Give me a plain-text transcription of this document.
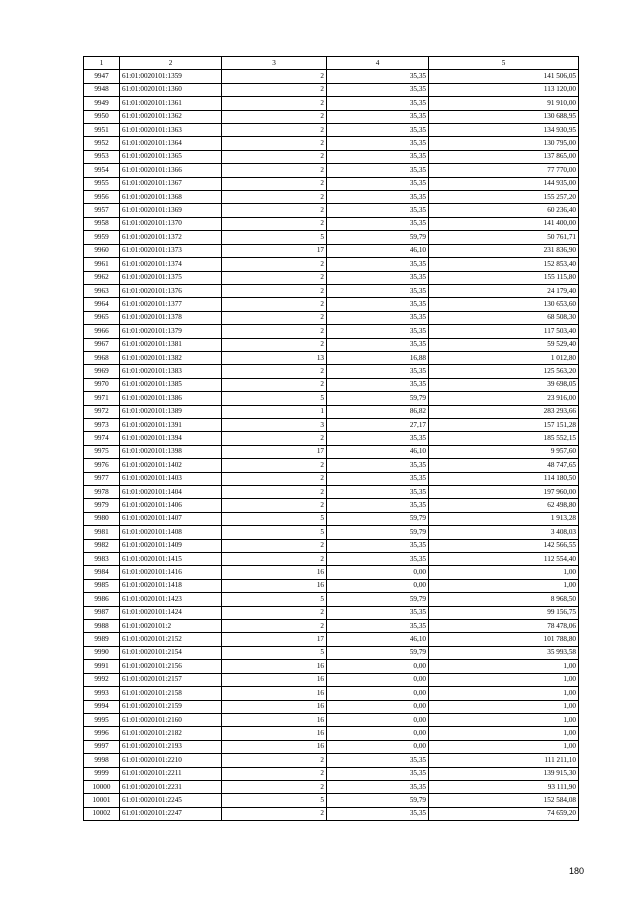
1	2	3	4	5
9947	61:01:0020101:1359	2	35,35	141 506,05
9948	61:01:0020101:1360	2	35,35	113 120,00
9949	61:01:0020101:1361	2	35,35	91 910,00
9950	61:01:0020101:1362	2	35,35	130 688,95
9951	61:01:0020101:1363	2	35,35	134 930,95
9952	61:01:0020101:1364	2	35,35	130 795,00
9953	61:01:0020101:1365	2	35,35	137 865,00
9954	61:01:0020101:1366	2	35,35	77 770,00
9955	61:01:0020101:1367	2	35,35	144 935,00
9956	61:01:0020101:1368	2	35,35	155 257,20
9957	61:01:0020101:1369	2	35,35	60 236,40
9958	61:01:0020101:1370	2	35,35	141 400,00
9959	61:01:0020101:1372	5	59,79	50 761,71
9960	61:01:0020101:1373	17	46,10	231 836,90
9961	61:01:0020101:1374	2	35,35	152 853,40
9962	61:01:0020101:1375	2	35,35	155 115,80
9963	61:01:0020101:1376	2	35,35	24 179,40
9964	61:01:0020101:1377	2	35,35	130 653,60
9965	61:01:0020101:1378	2	35,35	68 508,30
9966	61:01:0020101:1379	2	35,35	117 503,40
9967	61:01:0020101:1381	2	35,35	59 529,40
9968	61:01:0020101:1382	13	16,88	1 012,80
9969	61:01:0020101:1383	2	35,35	125 563,20
9970	61:01:0020101:1385	2	35,35	39 698,05
9971	61:01:0020101:1386	5	59,79	23 916,00
9972	61:01:0020101:1389	1	86,82	283 293,66
9973	61:01:0020101:1391	3	27,17	157 151,28
9974	61:01:0020101:1394	2	35,35	185 552,15
9975	61:01:0020101:1398	17	46,10	9 957,60
9976	61:01:0020101:1402	2	35,35	48 747,65
9977	61:01:0020101:1403	2	35,35	114 180,50
9978	61:01:0020101:1404	2	35,35	197 960,00
9979	61:01:0020101:1406	2	35,35	62 498,80
9980	61:01:0020101:1407	5	59,79	1 913,28
9981	61:01:0020101:1408	5	59,79	3 408,03
9982	61:01:0020101:1409	2	35,35	142 566,55
9983	61:01:0020101:1415	2	35,35	112 554,40
9984	61:01:0020101:1416	16	0,00	1,00
9985	61:01:0020101:1418	16	0,00	1,00
9986	61:01:0020101:1423	5	59,79	8 968,50
9987	61:01:0020101:1424	2	35,35	99 156,75
9988	61:01:0020101:2	2	35,35	78 478,06
9989	61:01:0020101:2152	17	46,10	101 788,80
9990	61:01:0020101:2154	5	59,79	35 993,58
9991	61:01:0020101:2156	16	0,00	1,00
9992	61:01:0020101:2157	16	0,00	1,00
9993	61:01:0020101:2158	16	0,00	1,00
9994	61:01:0020101:2159	16	0,00	1,00
9995	61:01:0020101:2160	16	0,00	1,00
9996	61:01:0020101:2182	16	0,00	1,00
9997	61:01:0020101:2193	16	0,00	1,00
9998	61:01:0020101:2210	2	35,35	111 211,10
9999	61:01:0020101:2211	2	35,35	139 915,30
10000	61:01:0020101:2231	2	35,35	93 111,90
10001	61:01:0020101:2245	5	59,79	152 584,08
10002	61:01:0020101:2247	2	35,35	74 659,20
180
